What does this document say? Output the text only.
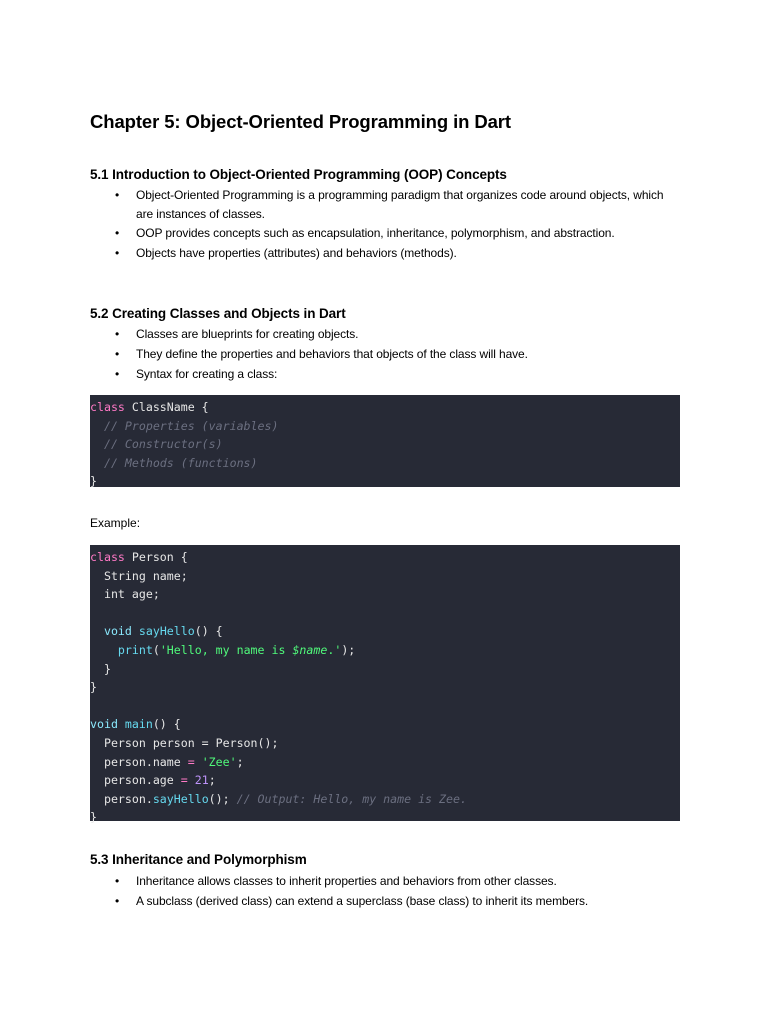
Chapter 5: Object-Oriented Programming in Dart
5.1 Introduction to Object-Oriented Programming (OOP) Concepts
• Object-Oriented Programming is a programming paradigm that organizes code around objects, which are instances of classes.
• OOP provides concepts such as encapsulation, inheritance, polymorphism, and abstraction.
• Objects have properties (attributes) and behaviors (methods).
5.2 Creating Classes and Objects in Dart
• Classes are blueprints for creating objects.
• They define the properties and behaviors that objects of the class will have.
• Syntax for creating a class:
class ClassName {
// Properties (variables)
// Constructor(s)
// Methods (functions)
}

Example:

class Person {
String name;
int age;
void sayHello() {
print('Hello, my name is $name.');
}
}
void main() {
Person person = Person();
person.name = 'Zee';
person.age = 21;
person.sayHello(); // Output: Hello, my name is Zee.
}
5.3 Inheritance and Polymorphism
• Inheritance allows classes to inherit properties and behaviors from other classes.
• A subclass (derived class) can extend a superclass (base class) to inherit its members.
